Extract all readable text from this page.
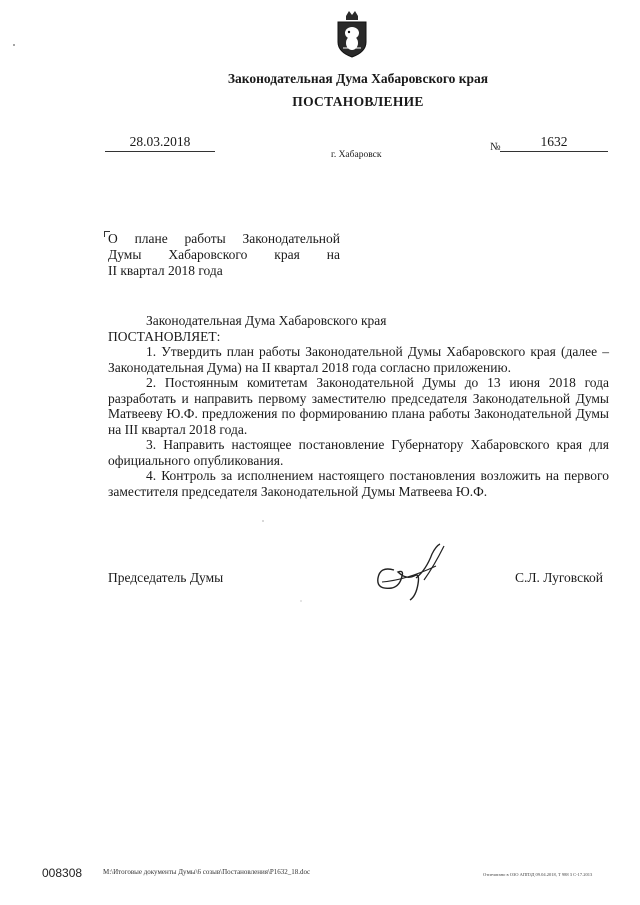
Законодательная Дума Хабаровского края
ПОСТАНОВЛЕНИЕ
28.03.2018
г. Хабаровск
№	1632
О плане работы Законодательной
Думы Хабаровского края на
II квартал 2018 года

Законодательная Дума Хабаровского края

ПОСТАНОВЛЯЕТ:

1. Утвердить план работы Законодательной Думы Хабаровского края (далее – Законодательная Дума) на II квартал 2018 года согласно приложению.

2. Постоянным комитетам Законодательной Думы до 13 июня 2018 года разработать и направить первому заместителю председателя Законодательной Думы Матвееву Ю.Ф. предложения по формированию плана работы Законодательной Думы на III квартал 2018 года.

3. Направить настоящее постановление Губернатору Хабаровского края для официального опубликования.

4. Контроль за исполнением настоящего постановления возложить на первого заместителя председателя Законодательной Думы Матвеева Ю.Ф.

Председатель Думы	С.Л. Луговской
008308	M:\Итоговые документы Думы\6 созыв\Постановления\P1632_18.doc	Отпечатано в ОЗО АППЗД 09.04.2018, Т 988 3 С-17.2013
